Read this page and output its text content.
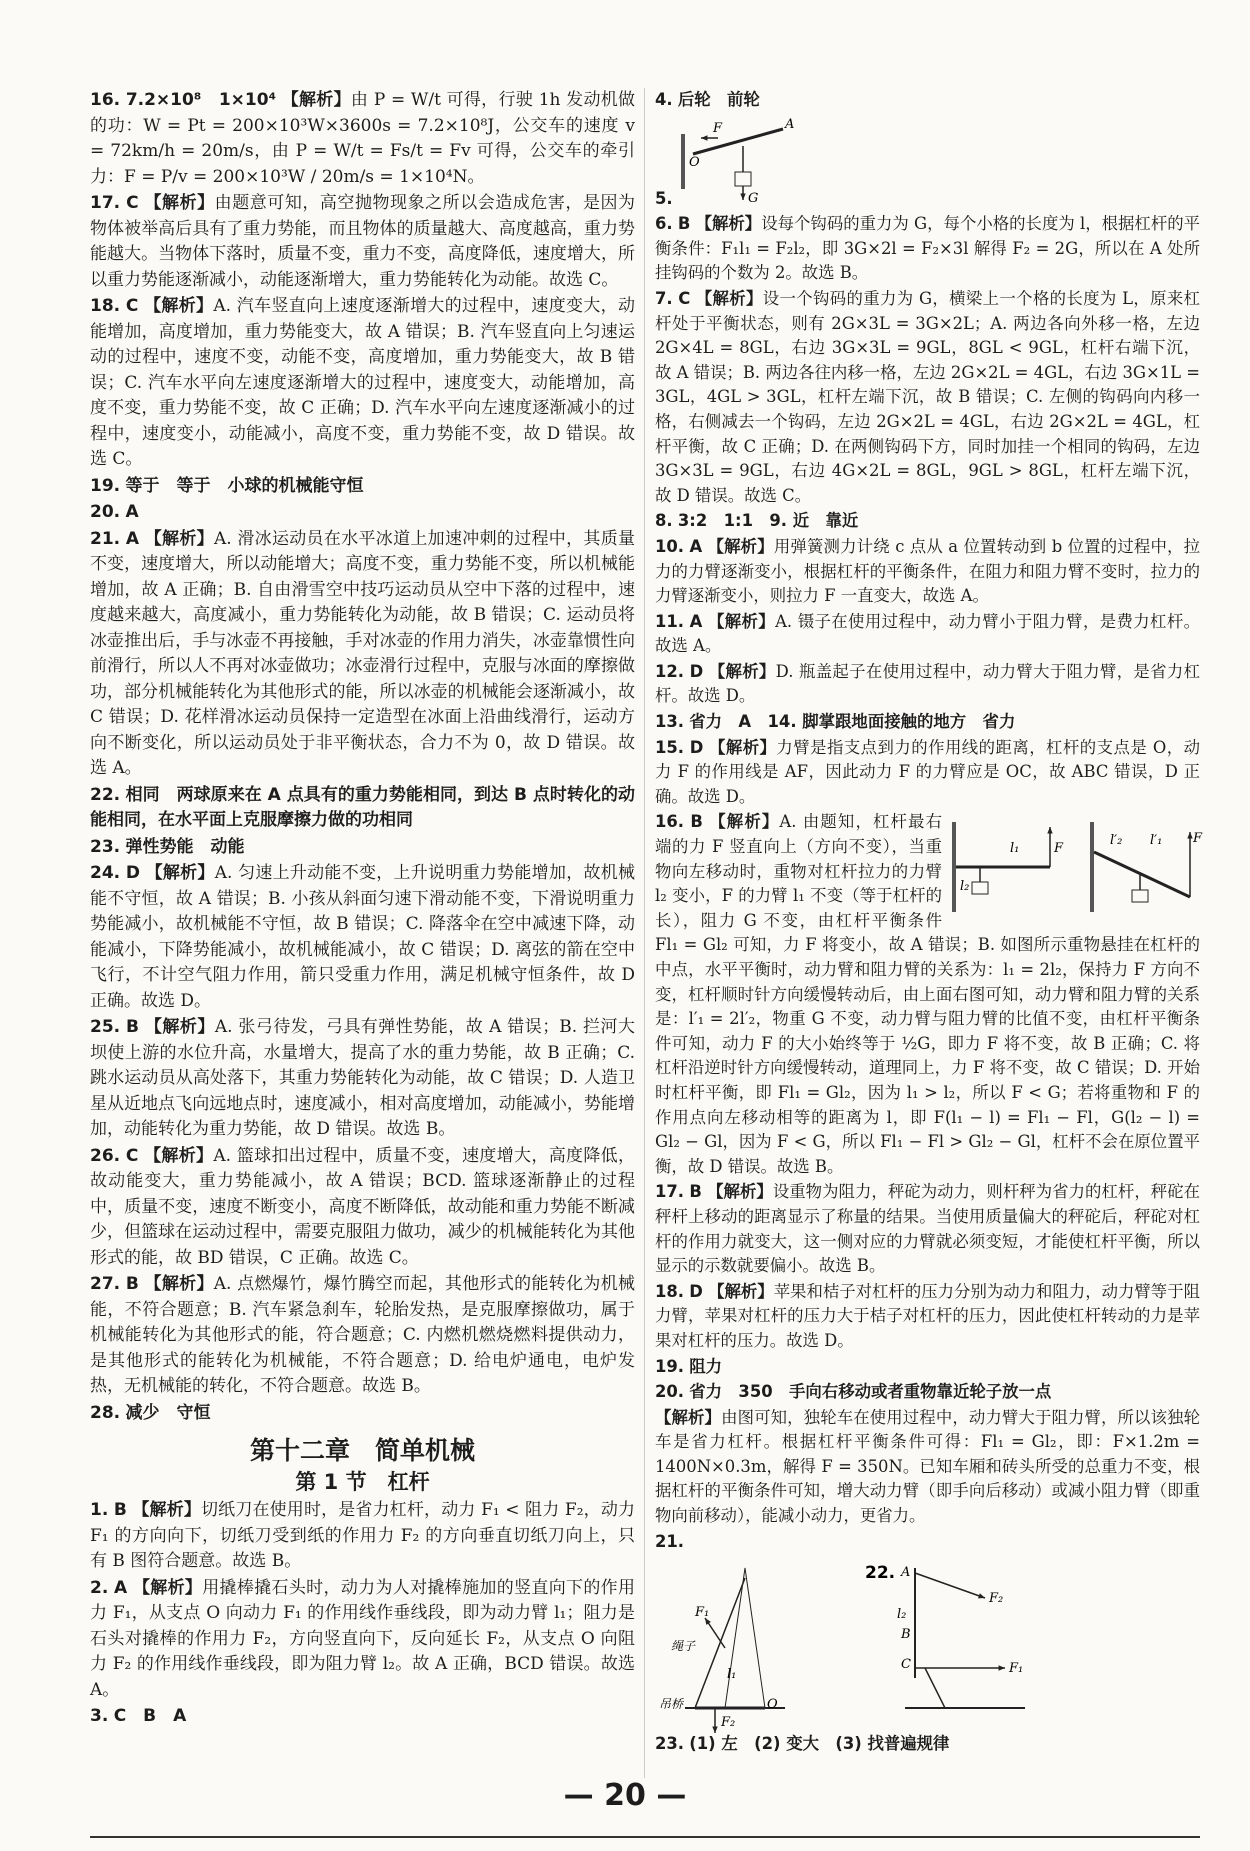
16. 7.2×10⁸　1×10⁴ 【解析】由 P = W/t 可得，行驶 1h 发动机做的功：W = Pt = 200×10³W×3600s = 7.2×10⁸J，公交车的速度 v = 72km/h = 20m/s，由 P = W/t = Fs/t = Fv 可得，公交车的牵引力：F = P/v = 200×10³W / 20m/s = 1×10⁴N。
17. C 【解析】由题意可知，高空抛物现象之所以会造成危害，是因为物体被举高后具有了重力势能，而且物体的质量越大、高度越高，重力势能越大。当物体下落时，质量不变，重力不变，高度降低，速度增大，所以重力势能逐渐减小，动能逐渐增大，重力势能转化为动能。故选 C。
18. C 【解析】A. 汽车竖直向上速度逐渐增大的过程中，速度变大，动能增加，高度增加，重力势能变大，故 A 错误；B. 汽车竖直向上匀速运动的过程中，速度不变，动能不变，高度增加，重力势能变大，故 B 错误；C. 汽车水平向左速度逐渐增大的过程中，速度变大，动能增加，高度不变，重力势能不变，故 C 正确；D. 汽车水平向左速度逐渐减小的过程中，速度变小，动能减小，高度不变，重力势能不变，故 D 错误。故选 C。
19. 等于　等于　小球的机械能守恒
20. A
21. A 【解析】A. 滑冰运动员在水平冰道上加速冲刺的过程中，其质量不变，速度增大，所以动能增大；高度不变，重力势能不变，所以机械能增加，故 A 正确；B. 自由滑雪空中技巧运动员从空中下落的过程中，速度越来越大，高度减小，重力势能转化为动能，故 B 错误；C. 运动员将冰壶推出后，手与冰壶不再接触，手对冰壶的作用力消失，冰壶靠惯性向前滑行，所以人不再对冰壶做功；冰壶滑行过程中，克服与冰面的摩擦做功，部分机械能转化为其他形式的能，所以冰壶的机械能会逐渐减小，故 C 错误；D. 花样滑冰运动员保持一定造型在冰面上沿曲线滑行，运动方向不断变化，所以运动员处于非平衡状态，合力不为 0，故 D 错误。故选 A。
22. 相同　两球原来在 A 点具有的重力势能相同，到达 B 点时转化的动能相同，在水平面上克服摩擦力做的功相同
23. 弹性势能　动能
24. D 【解析】A. 匀速上升动能不变，上升说明重力势能增加，故机械能不守恒，故 A 错误；B. 小孩从斜面匀速下滑动能不变，下滑说明重力势能减小，故机械能不守恒，故 B 错误；C. 降落伞在空中减速下降，动能减小，下降势能减小，故机械能减小，故 C 错误；D. 离弦的箭在空中飞行，不计空气阻力作用，箭只受重力作用，满足机械守恒条件，故 D 正确。故选 D。
25. B 【解析】A. 张弓待发，弓具有弹性势能，故 A 错误；B. 拦河大坝使上游的水位升高，水量增大，提高了水的重力势能，故 B 正确；C. 跳水运动员从高处落下，其重力势能转化为动能，故 C 错误；D. 人造卫星从近地点飞向远地点时，速度减小，相对高度增加，动能减小，势能增加，动能转化为重力势能，故 D 错误。故选 B。
26. C 【解析】A. 篮球扣出过程中，质量不变，速度增大，高度降低，故动能变大，重力势能减小，故 A 错误；BCD. 篮球逐渐静止的过程中，质量不变，速度不断变小，高度不断降低，故动能和重力势能不断减少，但篮球在运动过程中，需要克服阻力做功，减少的机械能转化为其他形式的能，故 BD 错误，C 正确。故选 C。
27. B 【解析】A. 点燃爆竹，爆竹腾空而起，其他形式的能转化为机械能，不符合题意；B. 汽车紧急刹车，轮胎发热，是克服摩擦做功，属于机械能转化为其他形式的能，符合题意；C. 内燃机燃烧燃料提供动力，是其他形式的能转化为机械能，不符合题意；D. 给电炉通电，电炉发热，无机械能的转化，不符合题意。故选 B。
28. 减少　守恒
第十二章　简单机械
第 1 节　杠杆
1. B 【解析】切纸刀在使用时，是省力杠杆，动力 F₁ < 阻力 F₂，动力 F₁ 的方向向下，切纸刀受到纸的作用力 F₂ 的方向垂直切纸刀向上，只有 B 图符合题意。故选 B。
2. A 【解析】用撬棒撬石头时，动力为人对撬棒施加的竖直向下的作用力 F₁，从支点 O 向动力 F₁ 的作用线作垂线段，即为动力臂 l₁；阻力是石头对撬棒的作用力 F₂，方向竖直向下，反向延长 F₂，从支点 O 向阻力 F₂ 的作用线作垂线段，即为阻力臂 l₂。故 A 正确，BCD 错误。故选 A。
3. C　B　A
4. 后轮　前轮
5.
F	A
O
G
6. B 【解析】设每个钩码的重力为 G，每个小格的长度为 l，根据杠杆的平衡条件：F₁l₁ = F₂l₂，即 3G×2l = F₂×3l 解得 F₂ = 2G，所以在 A 处所挂钩码的个数为 2。故选 B。
7. C 【解析】设一个钩码的重力为 G，横梁上一个格的长度为 L，原来杠杆处于平衡状态，则有 2G×3L = 3G×2L；A. 两边各向外移一格，左边 2G×4L = 8GL，右边 3G×3L = 9GL，8GL < 9GL，杠杆右端下沉，故 A 错误；B. 两边各往内移一格，左边 2G×2L = 4GL，右边 3G×1L = 3GL，4GL > 3GL，杠杆左端下沉，故 B 错误；C. 左侧的钩码向内移一格，右侧减去一个钩码，左边 2G×2L = 4GL，右边 2G×2L = 4GL，杠杆平衡，故 C 正确；D. 在两侧钩码下方，同时加挂一个相同的钩码，左边 3G×3L = 9GL，右边 4G×2L = 8GL，9GL > 8GL，杠杆左端下沉，故 D 错误。故选 C。
8. 3:2　1:1　9. 近　靠近
10. A 【解析】用弹簧测力计绕 c 点从 a 位置转动到 b 位置的过程中，拉力的力臂逐渐变小，根据杠杆的平衡条件，在阻力和阻力臂不变时，拉力的力臂逐渐变小，则拉力 F 一直变大，故选 A。
11. A 【解析】A. 镊子在使用过程中，动力臂小于阻力臂，是费力杠杆。故选 A。
12. D 【解析】D. 瓶盖起子在使用过程中，动力臂大于阻力臂，是省力杠杆。故选 D。
13. 省力　A　14. 脚掌跟地面接触的地方　省力
15. D 【解析】力臂是指支点到力的作用线的距离，杠杆的支点是 O，动力 F 的作用线是 AF，因此动力 F 的力臂应是 OC，故 ABC 错误，D 正确。故选 D。
16. B 【解析】
l₁	F
l₂
l′₂ l′₁ F
A. 由题知，杠杆最右端的力 F 竖直向上（方向不变），当重物向左移动时，重物对杠杆拉力的力臂 l₂ 变小，F 的力臂 l₁ 不变（等于杠杆的长），阻力 G 不变，由杠杆平衡条件 Fl₁ = Gl₂ 可知，力 F 将变小，故 A 错误；B. 如图所示重物悬挂在杠杆的中点，水平平衡时，动力臂和阻力臂的关系为：l₁ = 2l₂，保持力 F 方向不变，杠杆顺时针方向缓慢转动后，由上面右图可知，动力臂和阻力臂的关系是：l′₁ = 2l′₂，物重 G 不变，动力臂与阻力臂的比值不变，由杠杆平衡条件可知，动力 F 的大小始终等于 ½G，即力 F 将不变，故 B 正确；C. 将杠杆沿逆时针方向缓慢转动，道理同上，力 F 将不变，故 C 错误；D. 开始时杠杆平衡，即 Fl₁ = Gl₂，因为 l₁ > l₂，所以 F < G；若将重物和 F 的作用点向左移动相等的距离为 l，即 F(l₁ − l) = Fl₁ − Fl，G(l₂ − l) = Gl₂ − Gl，因为 F < G，所以 Fl₁ − Fl > Gl₂ − Gl，杠杆不会在原位置平衡，故 D 错误。故选 B。
17. B 【解析】设重物为阻力，秤砣为动力，则杆秤为省力的杠杆，秤砣在秤杆上移动的距离显示了称量的结果。当使用质量偏大的秤砣后，秤砣对杠杆的作用力就变大，这一侧对应的力臂就必须变短，才能使杠杆平衡，所以显示的示数就要偏小。故选 B。
18. D 【解析】苹果和桔子对杠杆的压力分别为动力和阻力，动力臂等于阻力臂，苹果对杠杆的压力大于桔子对杠杆的压力，因此使杠杆转动的力是苹果对杠杆的压力。故选 D。
19. 阻力
20. 省力　350　手向右移动或者重物靠近轮子放一点
【解析】由图可知，独轮车在使用过程中，动力臂大于阻力臂，所以该独轮车是省力杠杆。根据杠杆平衡条件可得：Fl₁ = Gl₂，即：F×1.2m = 1400N×0.3m，解得 F = 350N。已知车厢和砖头所受的总重力不变，根据杠杆的平衡条件可知，增大动力臂（即手向后移动）或减小阻力臂（即重物向前移动），能减小动力，更省力。
21.
F₁
绳子
l₁
吊桥	O
F₂
22. A
F₂
l₂
B
C	F₁
23. (1) 左　(2) 变大　(3) 找普遍规律
— 20 —
